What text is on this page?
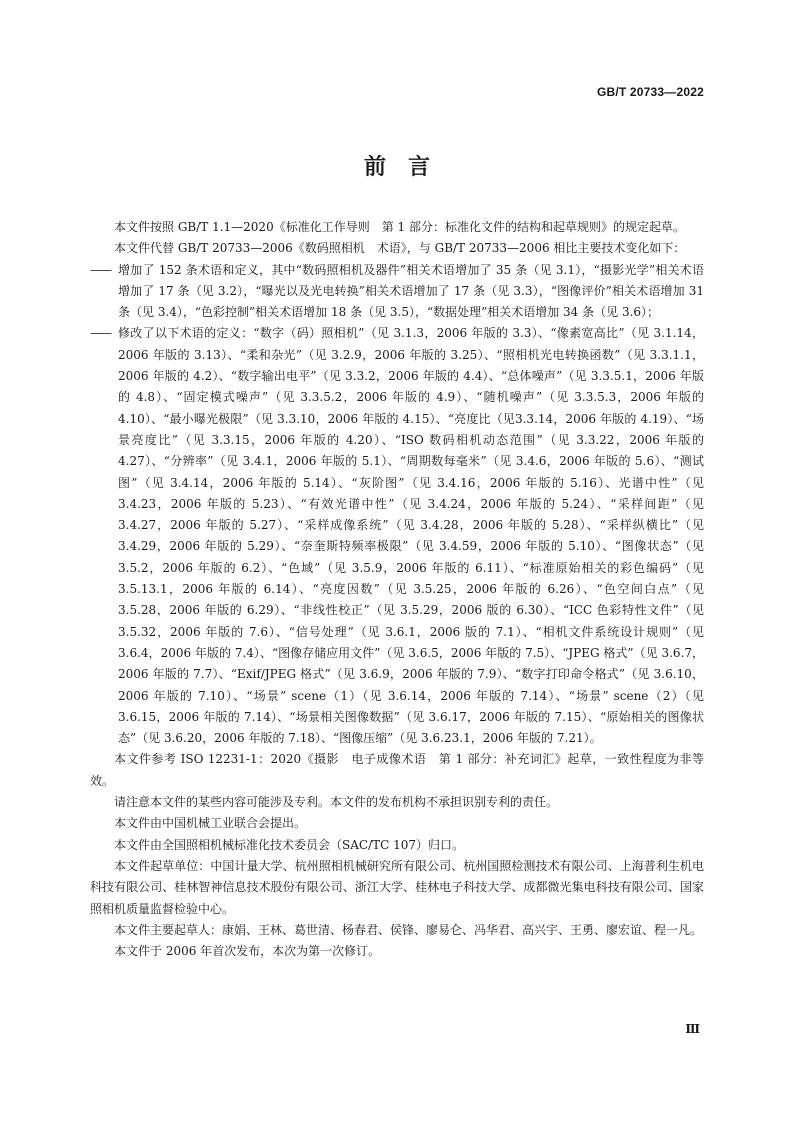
GB/T 20733—2022
前言

本文件按照 GB/T 1.1—2020《标准化工作导则　第 1 部分：标准化文件的结构和起草规则》的规定起草。

本文件代替 GB/T 20733—2006《数码照相机　术语》，与 GB/T 20733—2006 相比主要技术变化如下：

—— 增加了 152 条术语和定义，其中“数码照相机及器件”相关术语增加了 35 条（见 3.1），“摄影光学”相关术语增加了 17 条（见 3.2），“曝光以及光电转换”相关术语增加了 17 条（见 3.3），“图像评价”相关术语增加 31 条（见 3.4），“色彩控制”相关术语增加 18 条（见 3.5），“数据处理”相关术语增加 34 条（见 3.6）；
—— 修改了以下术语的定义：“数字（码）照相机”（见 3.1.3，2006 年版的 3.3）、“像素宽高比”（见 3.1.14，2006 年版的 3.13）、“柔和杂光”（见 3.2.9，2006 年版的 3.25）、“照相机光电转换函数”（见 3.3.1.1，2006 年版的 4.2）、“数字输出电平”（见 3.3.2，2006 年版的 4.4）、“总体噪声”（见 3.3.5.1，2006 年版的 4.8）、“固定模式噪声”（见 3.3.5.2，2006 年版的 4.9）、“随机噪声”（见 3.3.5.3，2006 年版的 4.10）、“最小曝光极限”（见 3.3.10，2006 年版的 4.15）、“亮度比（见3.3.14，2006 年版的 4.19）、“场景亮度比”（见 3.3.15，2006 年版的 4.20）、“ISO 数码相机动态范围”（见 3.3.22，2006 年版的 4.27）、“分辨率”（见 3.4.1，2006 年版的 5.1）、“周期数每毫米”（见 3.4.6，2006 年版的 5.6）、“测试图”（见 3.4.14，2006 年版的 5.14）、“灰阶图”（见 3.4.16，2006 年版的 5.16）、光谱中性”（见 3.4.23，2006 年版的 5.23）、“有效光谱中性”（见 3.4.24，2006 年版的 5.24）、“采样间距”（见 3.4.27，2006 年版的 5.27）、“采样成像系统”（见 3.4.28，2006 年版的 5.28）、“采样纵横比”（见 3.4.29，2006 年版的 5.29）、“奈奎斯特频率极限”（见 3.4.59，2006 年版的 5.10）、“图像状态”（见 3.5.2，2006 年版的 6.2）、“色域”（见 3.5.9，2006 年版的 6.11）、“标准原始相关的彩色编码”（见 3.5.13.1，2006 年版的 6.14）、“亮度因数”（见 3.5.25，2006 年版的 6.26）、“色空间白点”（见 3.5.28，2006 年版的 6.29）、“非线性校正”（见 3.5.29，2006 版的 6.30）、“ICC 色彩特性文件”（见 3.5.32，2006 年版的 7.6）、“信号处理”（见 3.6.1，2006 版的 7.1）、“相机文件系统设计规则”（见 3.6.4，2006 年版的 7.4）、“图像存储应用文件”（见 3.6.5，2006 年版的 7.5）、“JPEG 格式”（见 3.6.7，2006 年版的 7.7）、“Exif/JPEG 格式”（见 3.6.9，2006 年版的 7.9）、“数字打印命令格式”（见 3.6.10，2006 年版的 7.10）、“场景” scene（1）（见 3.6.14，2006 年版的 7.14）、“场景” scene（2）（见 3.6.15，2006 年版的 7.14）、“场景相关图像数据”（见 3.6.17，2006 年版的 7.15）、“原始相关的图像状态”（见 3.6.20，2006 年版的 7.18）、“图像压缩”（见 3.6.23.1，2006 年版的 7.21）。

本文件参考 ISO 12231-1：2020《摄影　电子成像术语　第 1 部分：补充词汇》起草，一致性程度为非等效。

请注意本文件的某些内容可能涉及专利。本文件的发布机构不承担识别专利的责任。

本文件由中国机械工业联合会提出。

本文件由全国照相机械标准化技术委员会（SAC/TC 107）归口。

本文件起草单位：中国计量大学、杭州照相机械研究所有限公司、杭州国照检测技术有限公司、上海普利生机电科技有限公司、桂林智神信息技术股份有限公司、浙江大学、桂林电子科技大学、成都微光集电科技有限公司、国家照相机质量监督检验中心。

本文件主要起草人：康娟、王林、葛世清、杨春君、侯锋、廖易仑、冯华君、高兴宇、王勇、廖宏谊、程一凡。

本文件于 2006 年首次发布，本次为第一次修订。

Ⅲ
